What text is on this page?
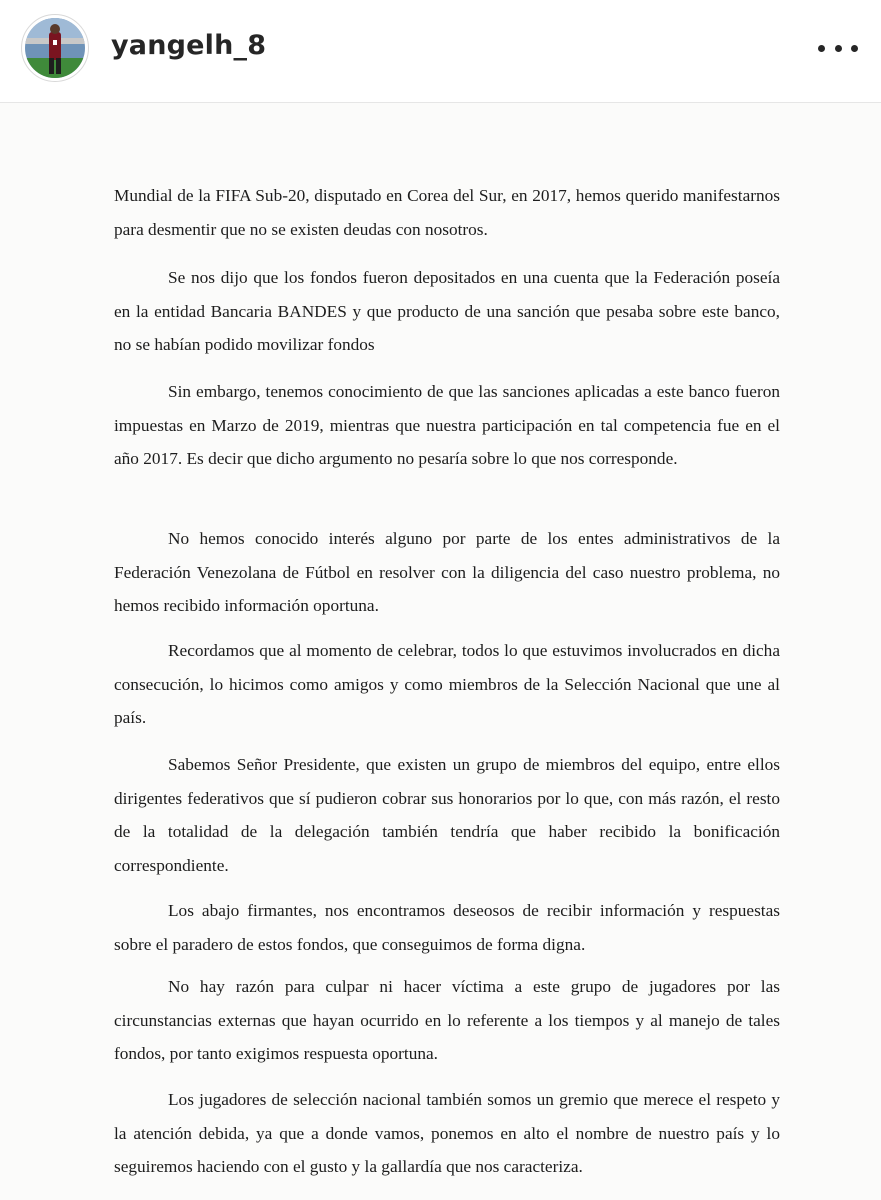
yangelh_8
Mundial de la FIFA Sub-20, disputado en Corea del Sur, en 2017, hemos querido manifestarnos para desmentir que no se existen deudas con nosotros.
Se nos dijo que los fondos fueron depositados en una cuenta que la Federación poseía en la entidad Bancaria BANDES y que producto de una sanción que pesaba sobre este banco, no se habían podido movilizar fondos
Sin embargo, tenemos conocimiento de que las sanciones aplicadas a este banco fueron impuestas en Marzo de 2019, mientras que nuestra participación en tal competencia fue en el año 2017. Es decir que dicho argumento no pesaría sobre lo que nos corresponde.
No hemos conocido interés alguno por parte de los entes administrativos de la Federación Venezolana de Fútbol en resolver con la diligencia del caso nuestro problema, no hemos recibido información oportuna.
Recordamos que al momento de celebrar, todos lo que estuvimos involucrados en dicha consecución, lo hicimos como amigos y como miembros de la Selección Nacional que une al país.
Sabemos Señor Presidente, que existen un grupo de miembros del equipo, entre ellos dirigentes federativos que sí pudieron cobrar sus honorarios por lo que, con más razón, el resto de la totalidad de la delegación también tendría que haber recibido la bonificación correspondiente.
Los abajo firmantes, nos encontramos deseosos de recibir información y respuestas sobre el paradero de estos fondos, que conseguimos de forma digna.
No hay razón para culpar ni hacer víctima a este grupo de jugadores por las circunstancias externas que hayan ocurrido en lo referente a los tiempos y al manejo de tales fondos, por tanto exigimos respuesta oportuna.
Los jugadores de selección nacional también somos un gremio que merece el respeto y la atención debida, ya que a donde vamos, ponemos en alto el nombre de nuestro país y lo seguiremos haciendo con el gusto y la gallardía que nos caracteriza.
